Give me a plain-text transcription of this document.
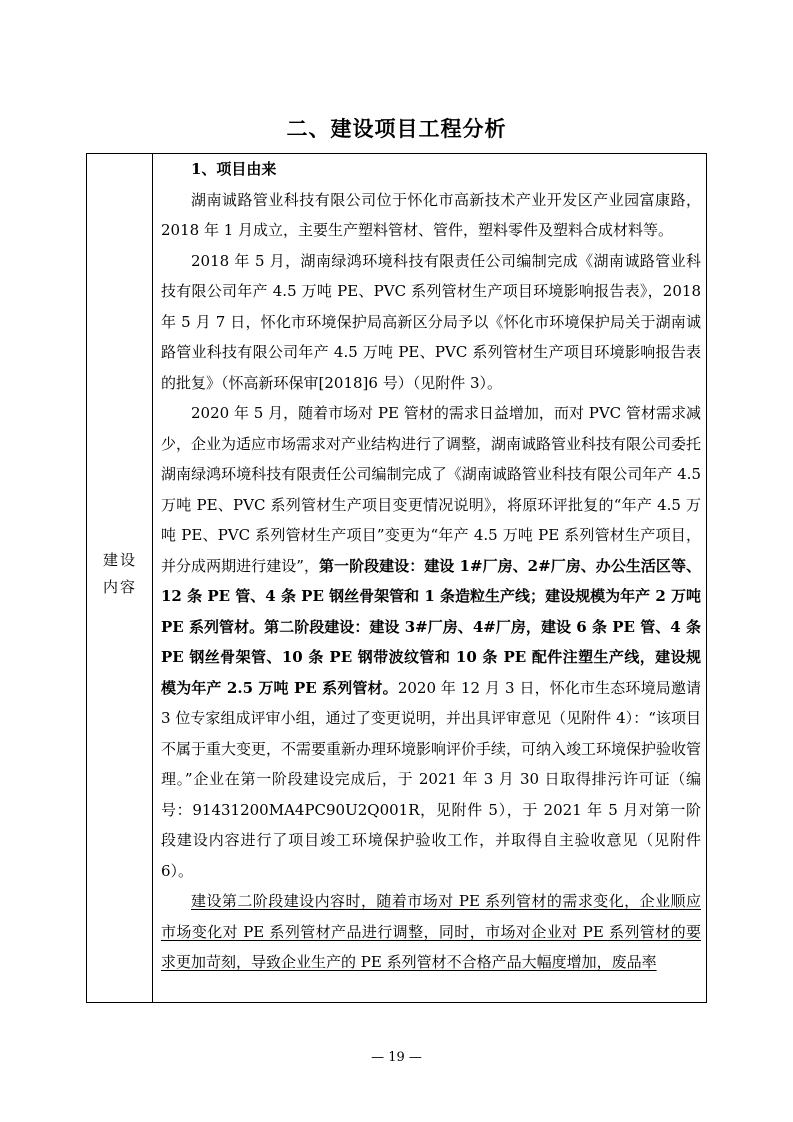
二、建设项目工程分析
建设
内容

1、项目由来

湖南诚路管业科技有限公司位于怀化市高新技术产业开发区产业园富康路，2018 年 1 月成立，主要生产塑料管材、管件，塑料零件及塑料合成材料等。

2018 年 5 月，湖南绿鸿环境科技有限责任公司编制完成《湖南诚路管业科技有限公司年产 4.5 万吨 PE、PVC 系列管材生产项目环境影响报告表》，2018 年 5 月 7 日，怀化市环境保护局高新区分局予以《怀化市环境保护局关于湖南诚路管业科技有限公司年产 4.5 万吨 PE、PVC 系列管材生产项目环境影响报告表的批复》（怀高新环保审[2018]6 号）（见附件 3）。

2020 年 5 月，随着市场对 PE 管材的需求日益增加，而对 PVC 管材需求减少，企业为适应市场需求对产业结构进行了调整，湖南诚路管业科技有限公司委托湖南绿鸿环境科技有限责任公司编制完成了《湖南诚路管业科技有限公司年产 4.5 万吨 PE、PVC 系列管材生产项目变更情况说明》，将原环评批复的“年产 4.5 万吨 PE、PVC 系列管材生产项目”变更为“年产 4.5 万吨 PE 系列管材生产项目，并分成两期进行建设”，第一阶段建设：建设 1#厂房、2#厂房、办公生活区等、12 条 PE 管、4 条 PE 钢丝骨架管和 1 条造粒生产线；建设规模为年产 2 万吨 PE 系列管材。第二阶段建设：建设 3#厂房、4#厂房，建设 6 条 PE 管、4 条 PE 钢丝骨架管、10 条 PE 钢带波纹管和 10 条 PE 配件注塑生产线，建设规模为年产 2.5 万吨 PE 系列管材。2020 年 12 月 3 日，怀化市生态环境局邀请 3 位专家组成评审小组，通过了变更说明，并出具评审意见（见附件 4）：“该项目不属于重大变更，不需要重新办理环境影响评价手续，可纳入竣工环境保护验收管理。”企业在第一阶段建设完成后，于 2021 年 3 月 30 日取得排污许可证（编号：91431200MA4PC90U2Q001R，见附件 5），于 2021 年 5 月对第一阶段建设内容进行了项目竣工环境保护验收工作，并取得自主验收意见（见附件 6）。

建设第二阶段建设内容时，随着市场对 PE 系列管材的需求变化，企业顺应市场变化对 PE 系列管材产品进行调整，同时，市场对企业对 PE 系列管材的要求更加苛刻，导致企业生产的 PE 系列管材不合格产品大幅度增加，废品率

— 19 —
